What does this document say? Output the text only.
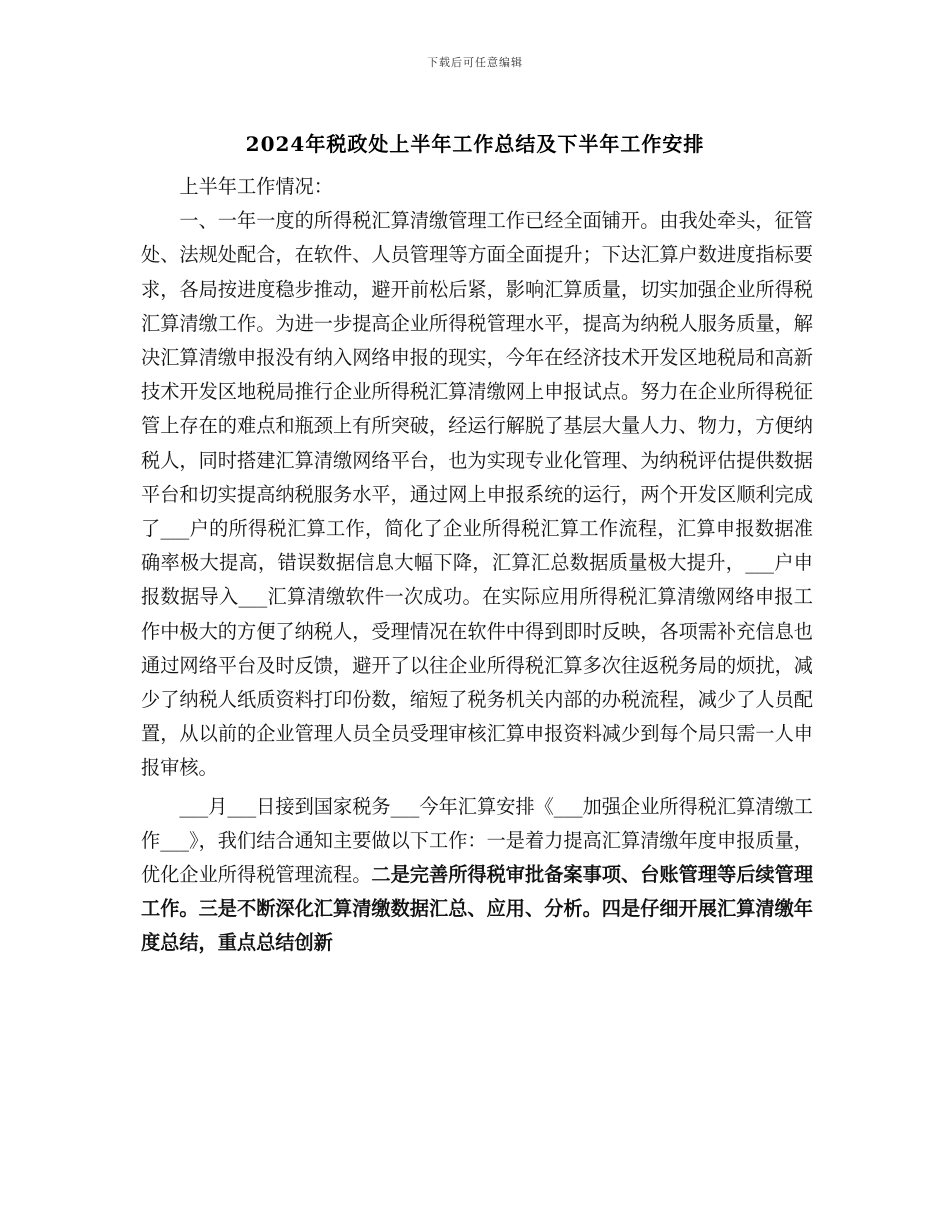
下载后可任意编辑
2024年税政处上半年工作总结及下半年工作安排

上半年工作情况：

一、一年一度的所得税汇算清缴管理工作已经全面铺开。由我处牵头，征管处、法规处配合，在软件、人员管理等方面全面提升；下达汇算户数进度指标要求，各局按进度稳步推动，避开前松后紧，影响汇算质量，切实加强企业所得税汇算清缴工作。为进一步提高企业所得税管理水平，提高为纳税人服务质量，解决汇算清缴申报没有纳入网络申报的现实，今年在经济技术开发区地税局和高新技术开发区地税局推行企业所得税汇算清缴网上申报试点。努力在企业所得税征管上存在的难点和瓶颈上有所突破，经运行解脱了基层大量人力、物力，方便纳税人，同时搭建汇算清缴网络平台，也为实现专业化管理、为纳税评估提供数据平台和切实提高纳税服务水平，通过网上申报系统的运行，两个开发区顺利完成了___户的所得税汇算工作，简化了企业所得税汇算工作流程，汇算申报数据准确率极大提高，错误数据信息大幅下降，汇算汇总数据质量极大提升，___户申报数据导入___汇算清缴软件一次成功。在实际应用所得税汇算清缴网络申报工作中极大的方便了纳税人，受理情况在软件中得到即时反映，各项需补充信息也通过网络平台及时反馈，避开了以往企业所得税汇算多次往返税务局的烦扰，减少了纳税人纸质资料打印份数，缩短了税务机关内部的办税流程，减少了人员配置，从以前的企业管理人员全员受理审核汇算申报资料减少到每个局只需一人申报审核。

___月___日接到国家税务___今年汇算安排《___加强企业所得税汇算清缴工作___》，我们结合通知主要做以下工作：一是着力提高汇算清缴年度申报质量，优化企业所得税管理流程。二是完善所得税审批备案事项、台账管理等后续管理工作。三是不断深化汇算清缴数据汇总、应用、分析。四是仔细开展汇算清缴年度总结，重点总结创新
